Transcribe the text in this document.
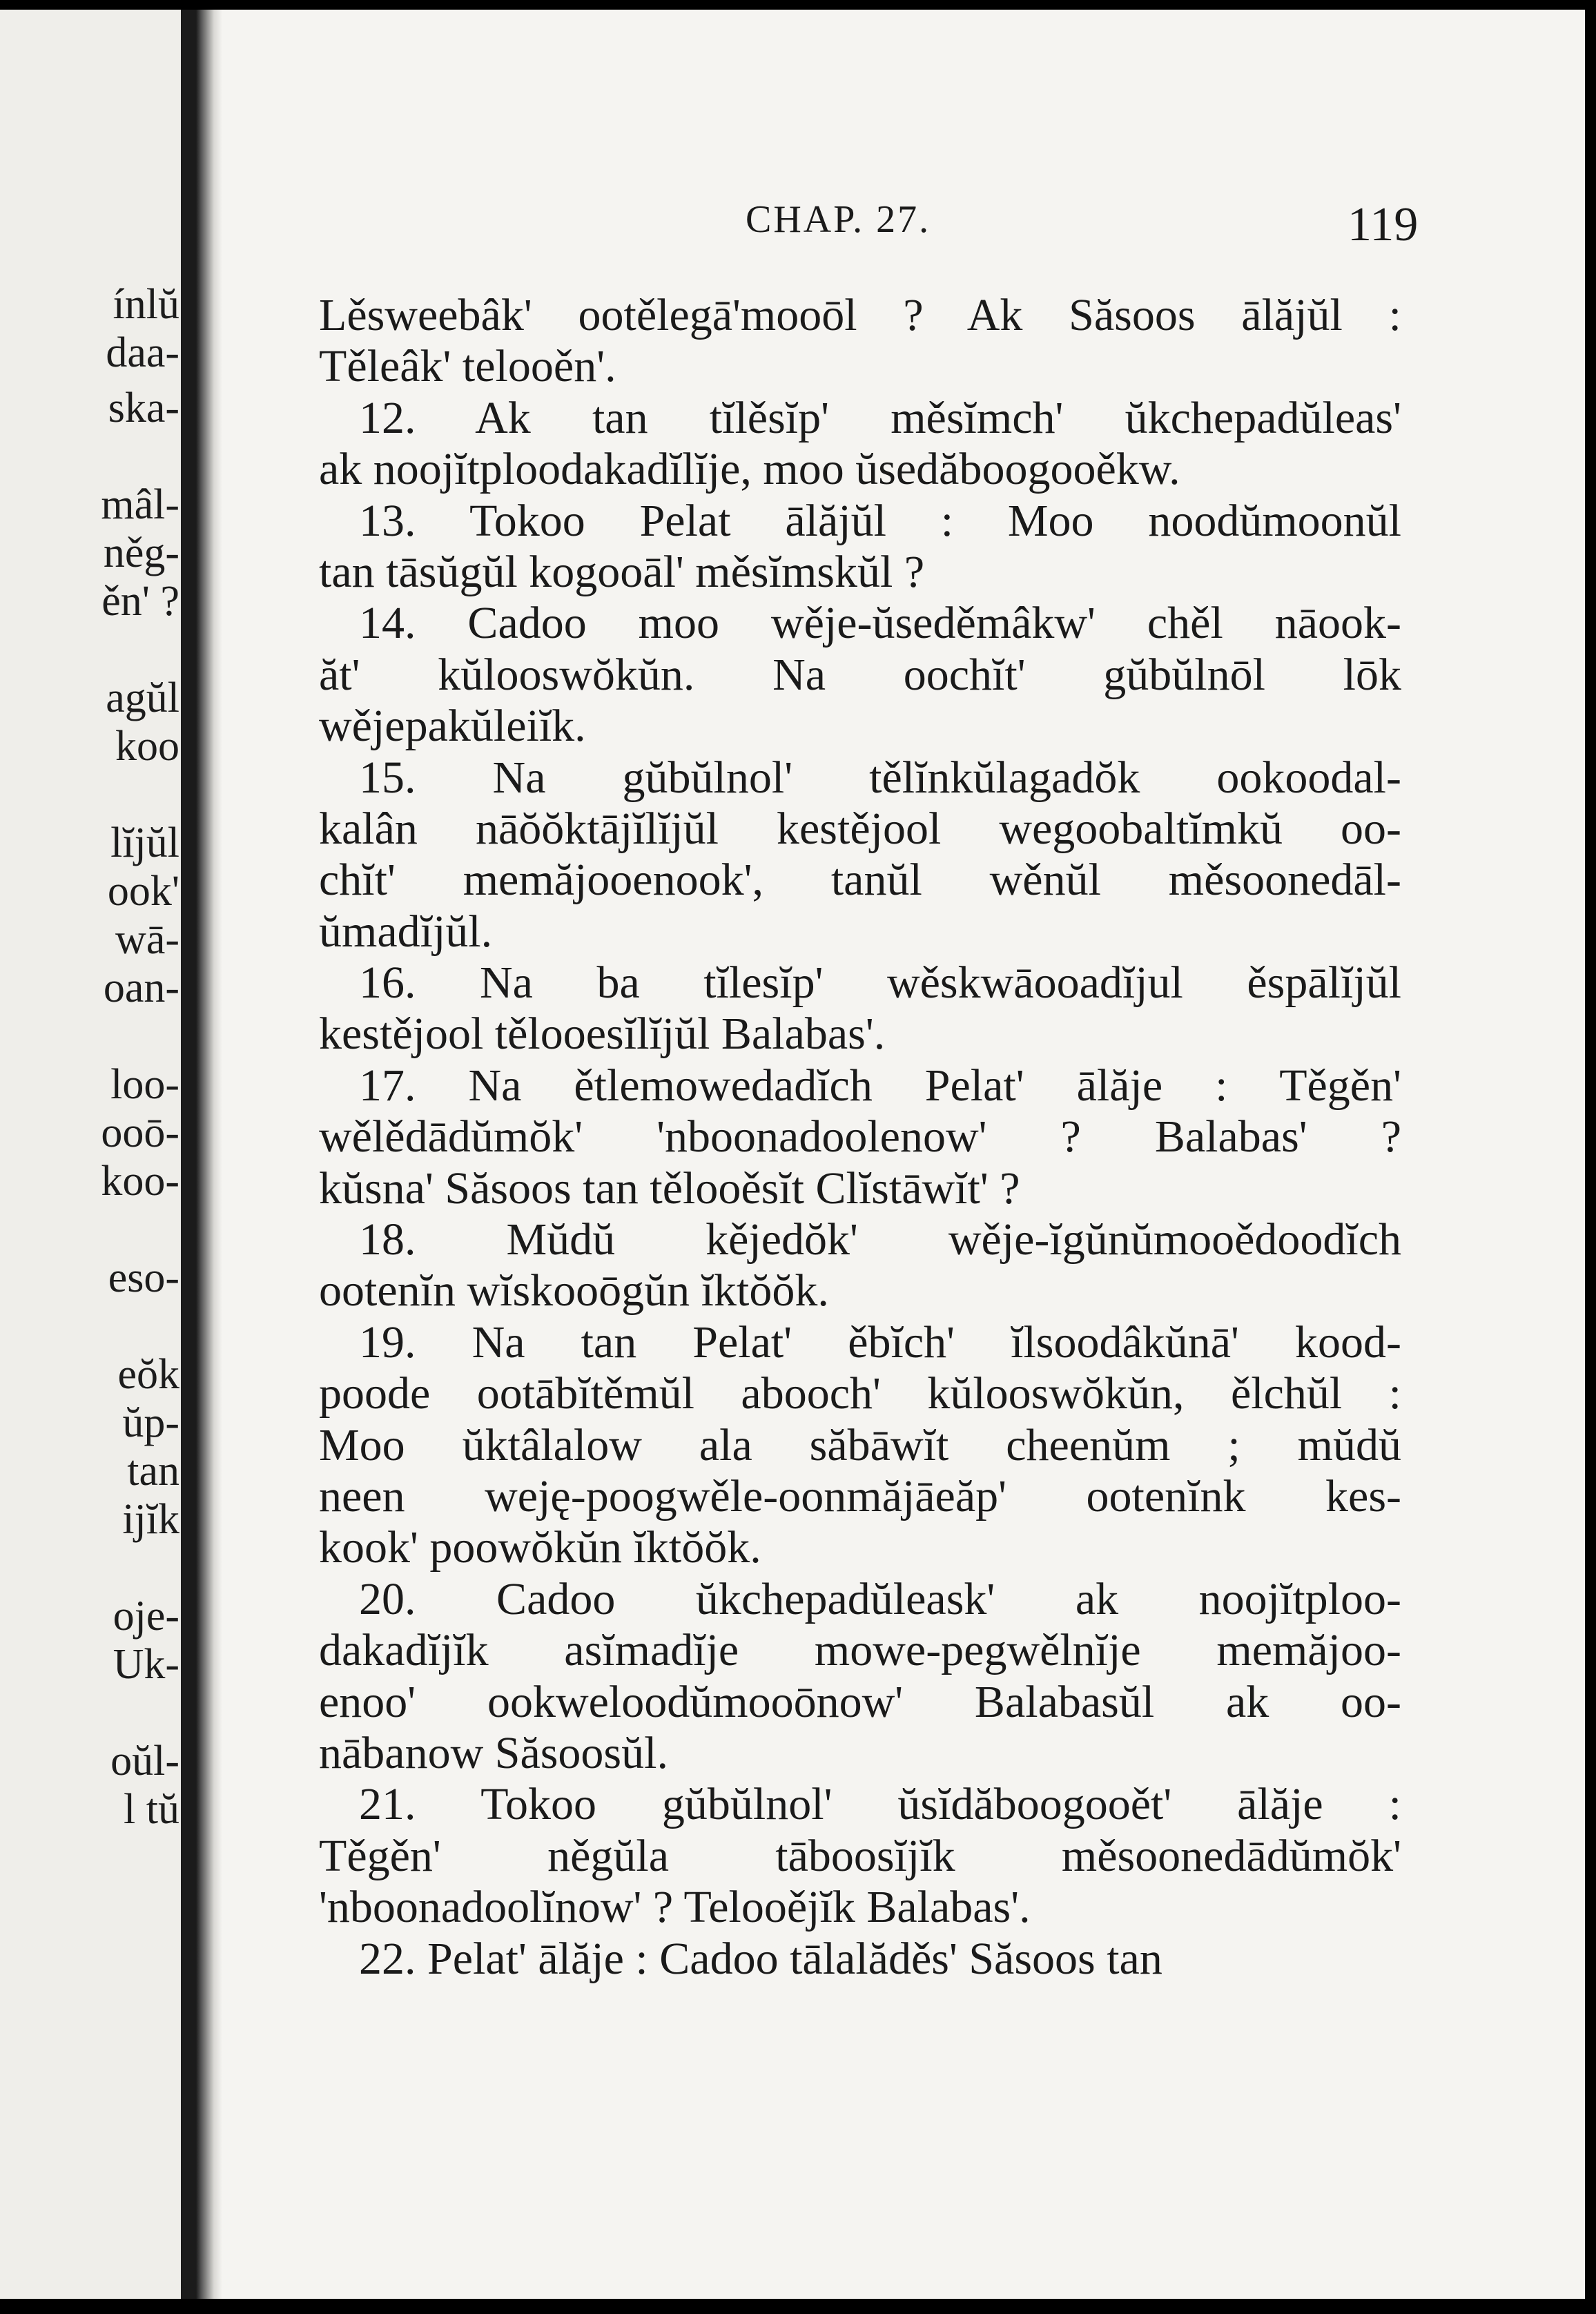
ínlŭ
daa-
ska-
mâl-
něg-
ěn' ?
agŭl
koo
lĭjŭl
ook'
wā-
oan-
loo-
ooō-
koo-
eso-
eŏk
ŭp-
tan
ijĭk
oje-
Uk-
oŭl-
l tŭ
CHAP. 27.	119
Lěsweebâk' ootělegā'mooōl ? Ak Săsoos ālăjŭl :
Tělеâk' telooěn'.
12. Ak tan tĭlěsĭp' měsĭmch' ŭkchepadŭleas'
ak noojĭtploodakadĭlĭje, moo ŭsedăboogooěkw.
13. Tokoo Pelat ālăjŭl : Moo noodŭmoonŭl
tan tāsŭgŭl kogooāl' měsĭmskŭl ?
14. Cadoo moo wěje-ŭseděmâkw' chěl nāook-
ăt' kŭlooswŏkŭn. Na oochĭt' gŭbŭlnōl lōk
wějepakŭleiĭk.
15. Na gŭbŭlnol' tělĭnkŭlagadŏk ookoodal-
kalân nāŏŏktājĭlĭjŭl kestějool wegoobaltĭmkŭ oo-
chĭt' memăjooenook', tanŭl wěnŭl měsoonedāl-
ŭmadĭjŭl.
16. Na ba tĭlesĭp' wěskwāooadĭjul ěspālĭjŭl
kestějool tělooesĭlĭjŭl Balabas'.
17. Na ětlemowedadĭch Pelat' ālăje : Těgěn'
wělědādŭmŏk' 'nboonadoolenow' ? Balabas' ?
kŭsna' Săsoos tan tělooěsĭt Clĭstāwĭt' ?
18. Mŭdŭ kějedŏk' wěje-ĭgŭnŭmooědoodĭch
ootenĭn wĭskooōgŭn ĭktŏŏk.
19. Na tan Pelat' ěbĭch' ĭlsoodâkŭnā' kood-
poode ootābĭtěmŭl abooch' kŭlooswŏkŭn, ělchŭl :
Moo ŭktâlalow ala săbāwĭt cheenŭm ; mŭdŭ
neen weję-poogwěle-oonmăjāeăp' ootenĭnk kes-
kook' poowŏkŭn ĭktŏŏk.
20. Cadoo ŭkchepadŭleask' ak noojĭtploo-
dakadĭjĭk asĭmadĭje mowe-pegwělnĭje memăjoo-
enoo' ookweloodŭmooōnow' Balabasŭl ak oo-
nābanow Săsoosŭl.
21. Tokoo gŭbŭlnol' ŭsĭdăboogooět' ālăje :
Těgěn' něgŭla tāboosĭjĭk měsoonedādŭmŏk'
'nboonadoolĭnow' ? Telooějĭk Balabas'.
22. Pelat' ālăje : Cadoo tālalăděs' Săsoos tan
